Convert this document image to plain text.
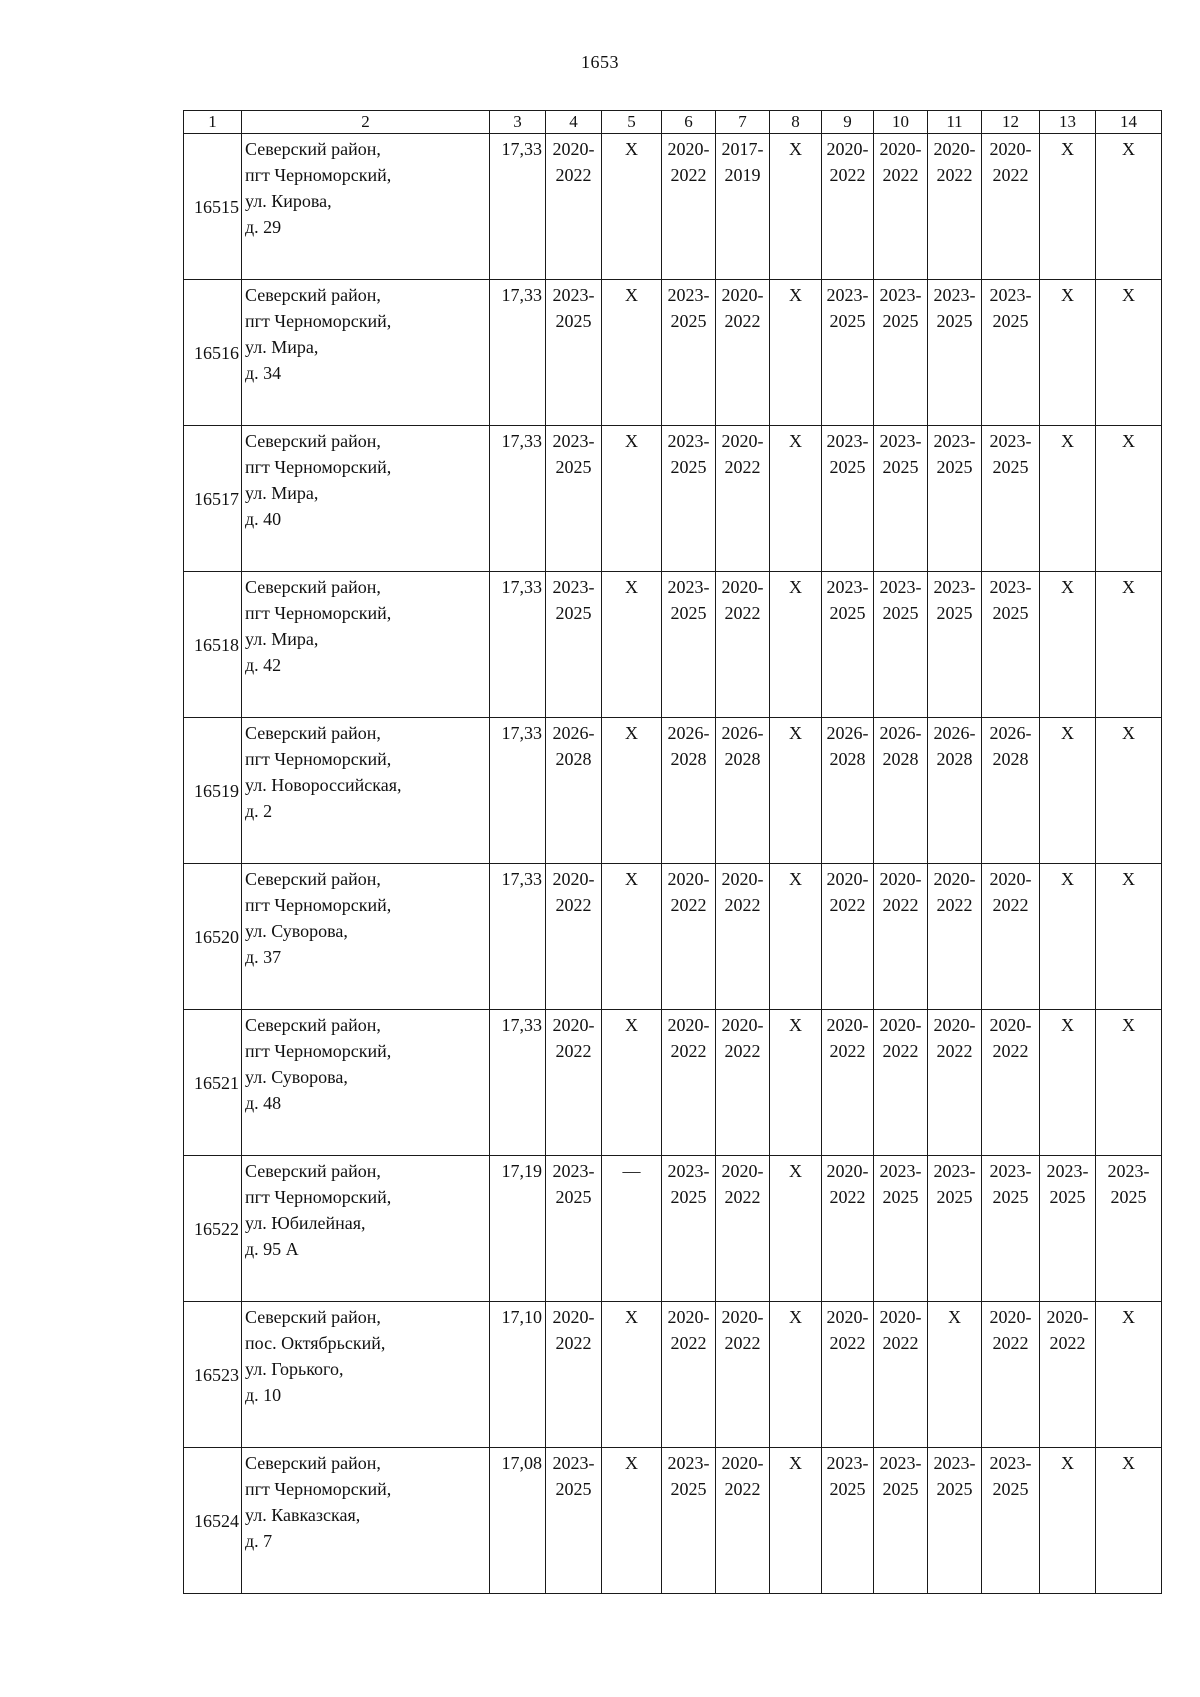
1653
1	2	3	4	5	6	7	8	9	10	11	12	13	14
16515	Северский район,
пгт Черноморский,
ул. Кирова,
д. 29	17,33	2020-
2022	X	2020-
2022	2017-
2019	X	2020-
2022	2020-
2022	2020-
2022	2020-
2022	X	X

16516	Северский район,
пгт Черноморский,
ул. Мира,
д. 34	17,33	2023-
2025	X	2023-
2025	2020-
2022	X	2023-
2025	2023-
2025	2023-
2025	2023-
2025	X	X

16517	Северский район,
пгт Черноморский,
ул. Мира,
д. 40	17,33	2023-
2025	X	2023-
2025	2020-
2022	X	2023-
2025	2023-
2025	2023-
2025	2023-
2025	X	X

16518	Северский район,
пгт Черноморский,
ул. Мира,
д. 42	17,33	2023-
2025	X	2023-
2025	2020-
2022	X	2023-
2025	2023-
2025	2023-
2025	2023-
2025	X	X

16519	Северский район,
пгт Черноморский,
ул. Новороссийская,
д. 2	17,33	2026-
2028	X	2026-
2028	2026-
2028	X	2026-
2028	2026-
2028	2026-
2028	2026-
2028	X	X

16520	Северский район,
пгт Черноморский,
ул. Суворова,
д. 37	17,33	2020-
2022	X	2020-
2022	2020-
2022	X	2020-
2022	2020-
2022	2020-
2022	2020-
2022	X	X

16521	Северский район,
пгт Черноморский,
ул. Суворова,
д. 48	17,33	2020-
2022	X	2020-
2022	2020-
2022	X	2020-
2022	2020-
2022	2020-
2022	2020-
2022	X	X

16522	Северский район,
пгт Черноморский,
ул. Юбилейная,
д. 95 А	17,19	2023-
2025	—	2023-
2025	2020-
2022	X	2020-
2022	2023-
2025	2023-
2025	2023-
2025	2023-
2025	2023-
2025

16523	Северский район,
пос. Октябрьский,
ул. Горького,
д. 10	17,10	2020-
2022	X	2020-
2022	2020-
2022	X	2020-
2022	2020-
2022	X	2020-
2022	2020-
2022	X

16524	Северский район,
пгт Черноморский,
ул. Кавказская,
д. 7	17,08	2023-
2025	X	2023-
2025	2020-
2022	X	2023-
2025	2023-
2025	2023-
2025	2023-
2025	X	X
